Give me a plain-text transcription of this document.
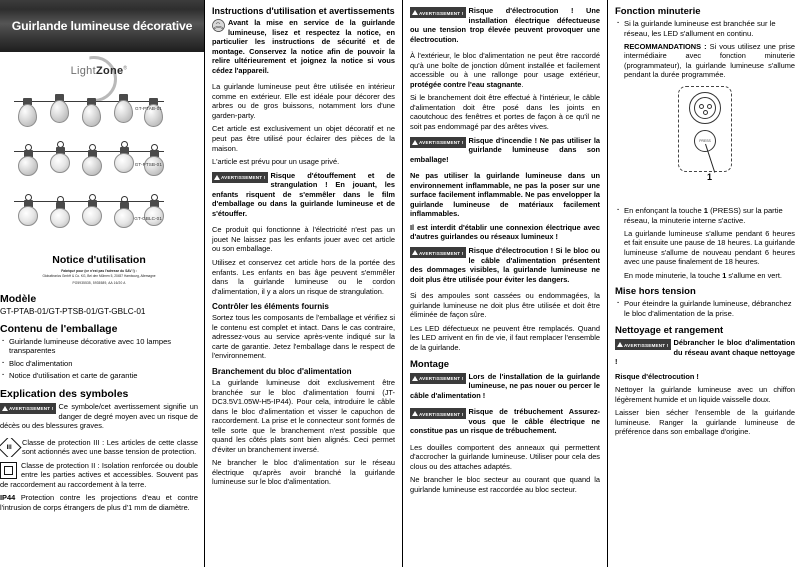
Guirlande lumineuse décorative
LightZone®
GT-PTAB-01
GT-PTSB-01
GT-GBLC-01
Notice d'utilisation
Fabriqué pour (ce n'est pas l'adresse du SAV !) :
Globaltronics GmbH & Co. KG, Bei den Mühren 5, 20457 Hambourg, Allemagne
PO5935535, 5935589, AA 16/20 A
Modèle
GT-PTAB-01/GT-PTSB-01/GT-GBLC-01
Contenu de l'emballage
· Guirlande lumineuse décorative avec 10 lampes transparentes
· Bloc d'alimentation
· Notice d'utilisation et carte de garantie
Explication des symboles
AVERTISSEMENT ! Ce symbole/cet avertissement signifie un danger de degré moyen avec un risque de décès ou des blessures graves.

III

Classe de protection III : Les articles de cette classe sont actionnés avec une basse tension de protection.

Classe de protection II : Isolation renforcée ou double entre les parties actives et accessibles. Souvent pas de raccordement au raccordement à la terre.

IP44 Protection contre les projections d'eau et contre l'intrusion de corps étrangers de plus d'1 mm de diamètre.

Instructions d'utilisation et avertissements

Avant la mise en service de la guirlande lumineuse, lisez et respectez la notice, en particulier les instructions de sécurité et de montage. Conservez la notice afin de pouvoir la relire ultérieurement et joignez la notice si vous cédez l'appareil.

La guirlande lumineuse peut être utilisée en intérieur comme en extérieur. Elle est idéale pour décorer des arbres ou de gros buissons, notamment lors d'une garden-party.

Cet article est exclusivement un objet décoratif et ne peut pas être utilisé pour éclairer des pièces de la maison.

L'article est prévu pour un usage privé.

AVERTISSEMENT ! Risque d'étouffement et de strangulation ! En jouant, les enfants risquent de s'emmêler dans le film d'emballage ou dans la guirlande lumineuse et de s'étouffer.

Ce produit qui fonctionne à l'électricité n'est pas un jouet Ne laissez pas les enfants jouer avec cet article ou son emballage.

Utilisez et conservez cet article hors de la portée des enfants. Les enfants en bas âge peuvent s'emmêler dans la guirlande lumineuse ou le cordon d'alimentation, il y a alors un risque de strangulation.

Contrôler les éléments fournis

Sortez tous les composants de l'emballage et vérifiez si le contenu est complet et intact. Dans le cas contraire, adressez-vous au service après-vente indiqué sur la carte de garantie. Jetez l'emballage dans le respect de l'environnement.

Branchement du bloc d'alimentation

La guirlande lumineuse doit exclusivement être branchée sur le bloc d'alimentation fourni (JT-DC3.5V1.05W-H5-IP44). Pour cela, introduire le câble dans le bloc d'alimentation et visser le capuchon de raccordement. La prise et le connecteur sont formés de telle sorte que le branchement n'est possible que quand les côtés plats sont bien alignés. Ceci permet d'éviter un branchement inversé.

Ne brancher le bloc d'alimentation sur le réseau électrique qu'après avoir branché la guirlande lumineuse sur le bloc d'alimentation.

AVERTISSEMENT ! Risque d'électrocution ! Une installation électrique défectueuse ou une tension trop élevée peuvent provoquer une électrocution.

À l'extérieur, le bloc d'alimentation ne peut être raccordé qu'à une boîte de jonction dûment installée et facilement accessible ou à une rallonge pour usage extérieur, protégée contre l'eau stagnante.

Si le branchement doit être effectué à l'intérieur, le câble d'alimentation doit être posé dans les joints en caoutchouc des fenêtres et portes de façon à ce qu'il ne soit pas endommagé par des arêtes vives.

AVERTISSEMENT ! Risque d'incendie ! Ne pas utiliser la guirlande lumineuse dans son emballage!

Ne pas utiliser la guirlande lumineuse dans un environnement inflammable, ne pas la poser sur une surface facilement inflammable. Ne pas envelopper la guirlande lumineuse de matériaux facilement inflammables.

Il est interdit d'établir une connexion électrique avec d'autres guirlandes ou réseaux lumineux !

AVERTISSEMENT ! Risque d'électrocution ! Si le bloc ou le câble d'alimentation présentent des dommages visibles, la guirlande lumineuse ne doit plus être utilisée pour éviter les dangers.

Si des ampoules sont cassées ou endommagées, la guirlande lumineuse ne doit plus être utilisée et doit être éliminée de façon sûre.

Les LED défectueux ne peuvent être remplacés. Quand les LED arrivent en fin de vie, il faut remplacer l'ensemble de la guirlande.

Montage
AVERTISSEMENT ! Lors de l'installation de la guirlande lumineuse, ne pas nouer ou percer le câble d'alimentation !

AVERTISSEMENT ! Risque de trébuchement Assurez-vous que le câble électrique ne constitue pas un risque de trébuchement.

Les douilles comportent des anneaux qui permettent d'accrocher la guirlande lumineuse. Utiliser pour cela des clous ou des attaches adaptés.

Ne brancher le bloc secteur au courant que quand la guirlande lumineuse est raccordée au bloc secteur.

Fonction minuterie
· Si la guirlande lumineuse est branchée sur le réseau, les LED s'allument en continu.

RECOMMANDATIONS : Si vous utilisez une prise intermédiaire avec fonction minuterie (programmateur), la guirlande lumineuse s'allume pendant la durée programmée.

PRESS
1
· En enfonçant la touche 1 (PRESS) sur la partie réseau, la minuterie interne s'active.

La guirlande lumineuse s'allume pendant 6 heures et fait ensuite une pause de 18 heures. La guirlande lumineuse s'allume de nouveau pendant 6 heures avec une pause finalement de 18 heures.

En mode minuterie, la touche 1 s'allume en vert.

Mise hors tension
· Pour éteindre la guirlande lumineuse, débranchez le bloc d'alimentation de la prise.
Nettoyage et rangement
AVERTISSEMENT ! Débrancher le bloc d'alimentation du réseau avant chaque nettoyage !

Risque d'électrocution !

Nettoyer la guirlande lumineuse avec un chiffon légèrement humide et un liquide vaisselle doux.

Laisser bien sécher l'ensemble de la guirlande lumineuse. Ranger la guirlande lumineuse de préférence dans son emballage d'origine.
